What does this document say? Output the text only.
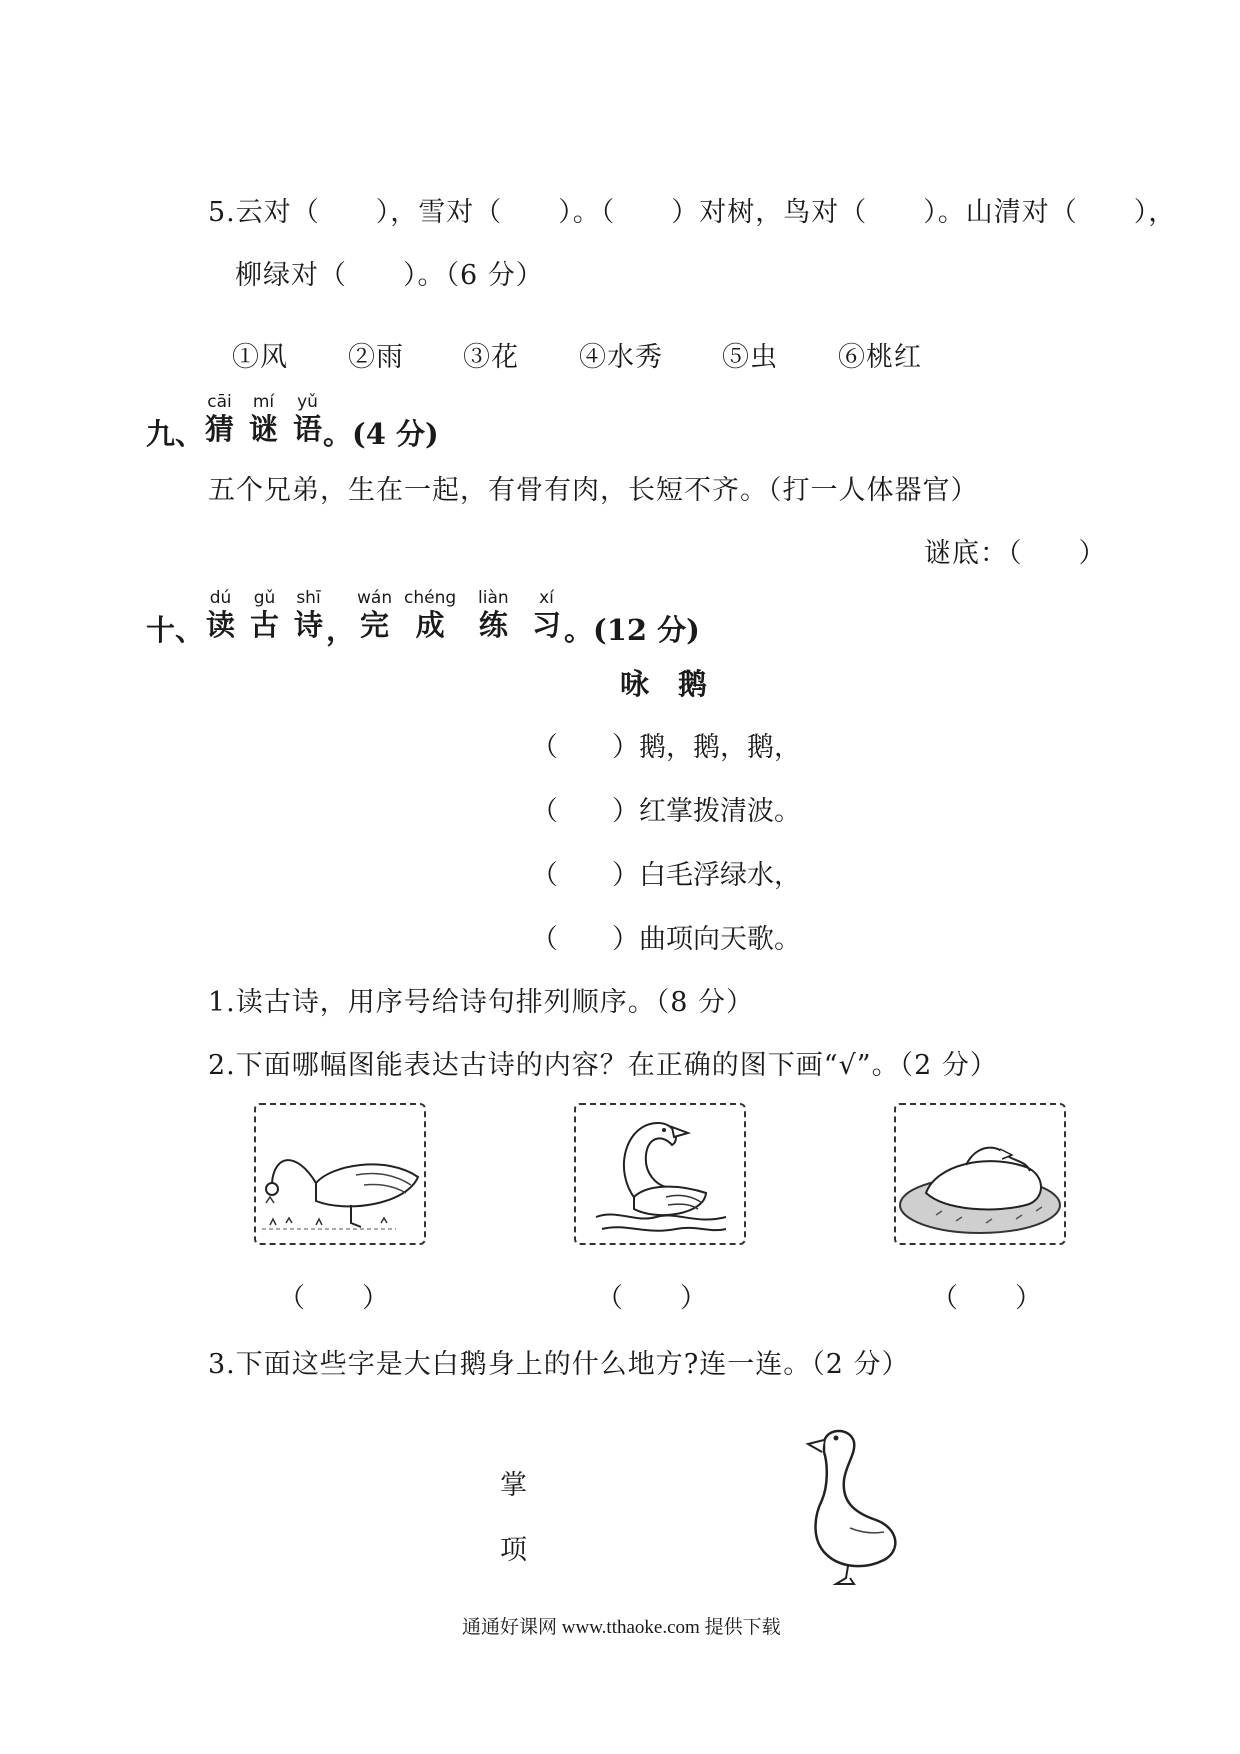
5.云对（　　），雪对（　　）。（　　）对树，鸟对（　　）。山清对（　　），
柳绿对（　　）。（6 分）
①风 ②雨 ③花 ④水秀 ⑤虫 ⑥桃红
九、
cāi
猜
mí
谜
yǔ
语 。(4 分)
五个兄弟，生在一起，有骨有肉，长短不齐。（打一人体器官）
谜底：（　　）
十、
dú
读
gǔ
古
shī
诗 ，
wán
完
chéng
成
liàn
练
xí
习 。(12 分)
咏　鹅
（　　）鹅，鹅，鹅，
（　　）红掌拨清波。
（　　）白毛浮绿水，
（　　）曲项向天歌。
1.读古诗，用序号给诗句排列顺序。（8 分）
2.下面哪幅图能表达古诗的内容？在正确的图下画“√”。（2 分）
（　　）	（　　）	（　　）
3.下面这些字是大白鹅身上的什么地方?连一连。（2 分）
掌
项
通通好课网 www.tthaoke.com 提供下载
